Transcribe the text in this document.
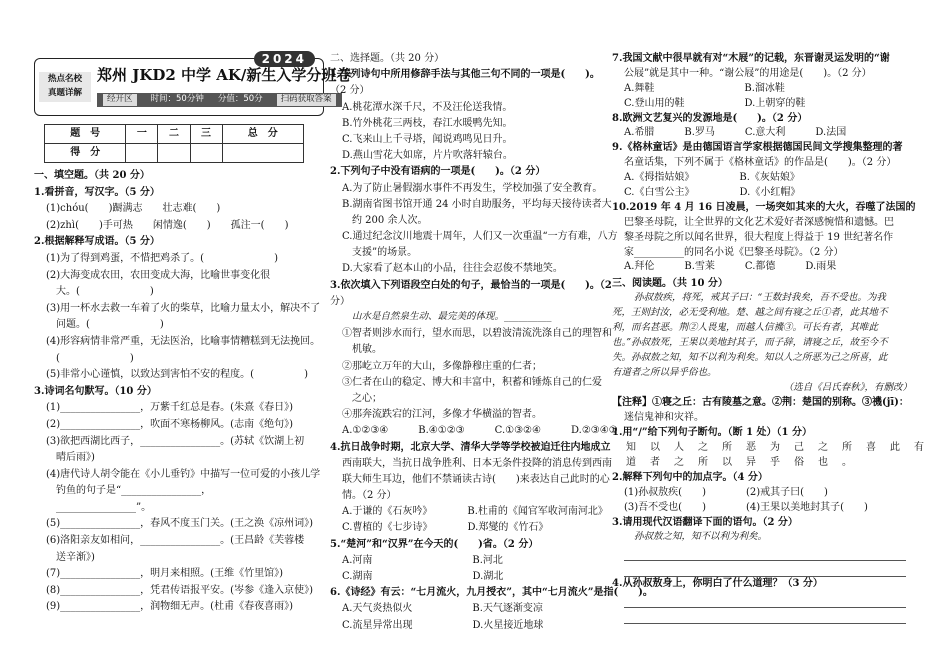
热点名校
真题详解
2024
郑州 JKD2 中学 AK/新生入学分班卷
经开区	时间：50分钟 分值：50分	扫码获取答案
题　号	一	二	三	总　分
得　分				
一、填空题。（共 20 分）
1.看拼音，写汉字。（5 分）
(1)chóu(　　)蹰满志　　壮志难(　　)
(2)zhì(　　)手可热　　闲情逸(　　)　　孤注一(　　)
2.根据解释写成语。（5 分）
(1)为了得到鸡蛋，不惜把鸡杀了。(　　　　　　　)
(2)大海变成农田，农田变成大海，比喻世事变化很
大。(　　　　　　　)
(3)用一杯水去救一车着了火的柴草，比喻力量太小，解决不了
问题。(　　　　　　　)
(4)形容病情非常严重，无法医治，比喻事情糟糕到无法挽回。
(　　　　　　　)
(5)非常小心谨慎，以致达到害怕不安的程度。(　　　　　)
3.诗词名句默写。（10 分）
(1)________________，万紫千红总是春。(朱熹《春日》)
(2)________________，吹面不寒杨柳风。(志南《绝句》)
(3)欲把西湖比西子，________________。(苏轼《饮湖上初
晴后雨》)
(4)唐代诗人胡令能在《小儿垂钓》中描写一位可爱的小孩儿学
钓鱼的句子是“________________，
________________”。
(5)________________，春风不度玉门关。(王之涣《凉州词》)
(6)洛阳亲友如相问，________________。(王昌龄《芙蓉楼
送辛渐》)
(7)________________，明月来相照。(王维《竹里馆》)
(8)________________，凭君传语报平安。(岑参《逢入京使》)
(9)________________，润物细无声。(杜甫《春夜喜雨》)
二、选择题。（共 20 分）
1.下列诗句中所用修辞手法与其他三句不同的一项是(　　)。
（2 分）
A.桃花潭水深千尺，不及汪伦送我情。
B.竹外桃花三两枝，春江水暖鸭先知。
C.飞来山上千寻塔，闻说鸡鸣见日升。
D.燕山雪花大如席，片片吹落轩辕台。
2.下列句子中没有语病的一项是(　　)。（2 分）
A.为了防止暑假溺水事件不再发生，学校加强了安全教育。
B.湖南省图书馆开通 24 小时自助服务，平均每天接待读者大
约 200 余人次。
C.通过纪念汶川地震十周年，人们又一次重温“一方有难，八方
支援”的场景。
D.大家看了赵本山的小品，往往会忍俊不禁地笑。
3.依次填入下列语段空白处的句子，最恰当的一项是(　　)。（2
分）
山水是自然泉生动、最完美的体现。__________
①智者则涉水而行，望水而思，以碧波清流洗涤自己的理智和
机敏。
②那屹立万年的大山，多像静穆庄重的仁者；
③仁者在山的稳定、博大和丰富中，积蓄和锤炼自己的仁爱
之心；
④那奔流跌宕的江河，多像才华横溢的智者。
A.①②③④　　　B.④①②③　　　C.①③②④　　　D.②③④①
4.抗日战争时期，北京大学、清华大学等学校被迫迁往内地成立
西南联大，当抗日战争胜利、日本无条件投降的消息传到西南
联大师生耳边，他们不禁诵读古诗(　　)来表达自己此时的心
情。（2 分）
A.于谦的《石灰吟》　　　　B.杜甫的《闻官军收河南河北》
C.曹植的《七步诗》　　　　D.郑燮的《竹石》
5.“楚河”和“汉界”在今天的(　　)省。（2 分）
A.河南　　　　　　　　　　B.河北
C.湖南　　　　　　　　　　D.湖北
6.《诗经》有云：“七月流火，九月授衣”，其中“七月流火”是指(　　)。
A.天气炎热似火　　　　　　B.天气逐渐变凉
C.流星异常出现　　　　　　D.火星接近地球
7.我国文献中很早就有对“木屐”的记载，东晋谢灵运发明的“谢
公屐”就是其中一种。“谢公屐”的用途是(　　)。（2 分）
A.舞鞋　　　　　　　　　B.溜冰鞋
C.登山用的鞋　　　　　　D.上朝穿的鞋
8.欧洲文艺复兴的发源地是(　　)。（2 分）
A.希腊　　　B.罗马　　　C.意大利　　　D.法国
9.《格林童话》是由德国语言学家根据德国民间文学搜集整理的著
名童话集，下列不属于《格林童话》的作品是(　　)。（2 分）
A.《拇指姑娘》　　　　　B.《灰姑娘》
C.《白雪公主》　　　　　D.《小红帽》
10.2019 年 4 月 16 日凌晨，一场突如其来的大火，吞噬了法国的
巴黎圣母院，让全世界的文化艺术爱好者深感惋惜和遗憾。巴
黎圣母院之所以闻名世界，很大程度上得益于 19 世纪著名作
家__________的同名小说《巴黎圣母院》。（2 分）
A.拜伦　　　B.雪莱　　　C.都德　　　D.雨果
三、阅读题。（共 10 分）
孙叔敖疾，将死，戒其子曰：“王数封我矣，吾不受也。为我
死，王则封汝，必无受利地。楚、越之间有寝之丘①者，此其地不
利，而名甚恶。荆②人畏鬼，而越人信禨③。可长有者，其唯此
也。”孙叔敖死，王果以美地封其子，而子辞，请寝之丘，故至今不
失。孙叔敖之知，知不以利为利矣。知以人之所恶为己之所喜，此
有道者之所以异乎俗也。
（选自《吕氏春秋》，有删改）
【注释】①寝之丘：古有陵墓之意。②荆：楚国的别称。③禨(jī)：
迷信鬼神和灾祥。
1.用“/”给下列句子断句。（断 1 处）（1 分）
知以人之所恶为己之所喜此有
道者之所以异乎俗也。
2.解释下列句中的加点字。（4 分）
(1)孙叔敖疾(　　)　　　　(2)戒其子曰(　　)
(3)吾不受也(　　)　　　　(4)王果以美地封其子(　　)
3.请用现代汉语翻译下面的语句。（2 分）
孙叔敖之知，知不以利为利矣。
4.从孙叔敖身上，你明白了什么道理？（3 分）
